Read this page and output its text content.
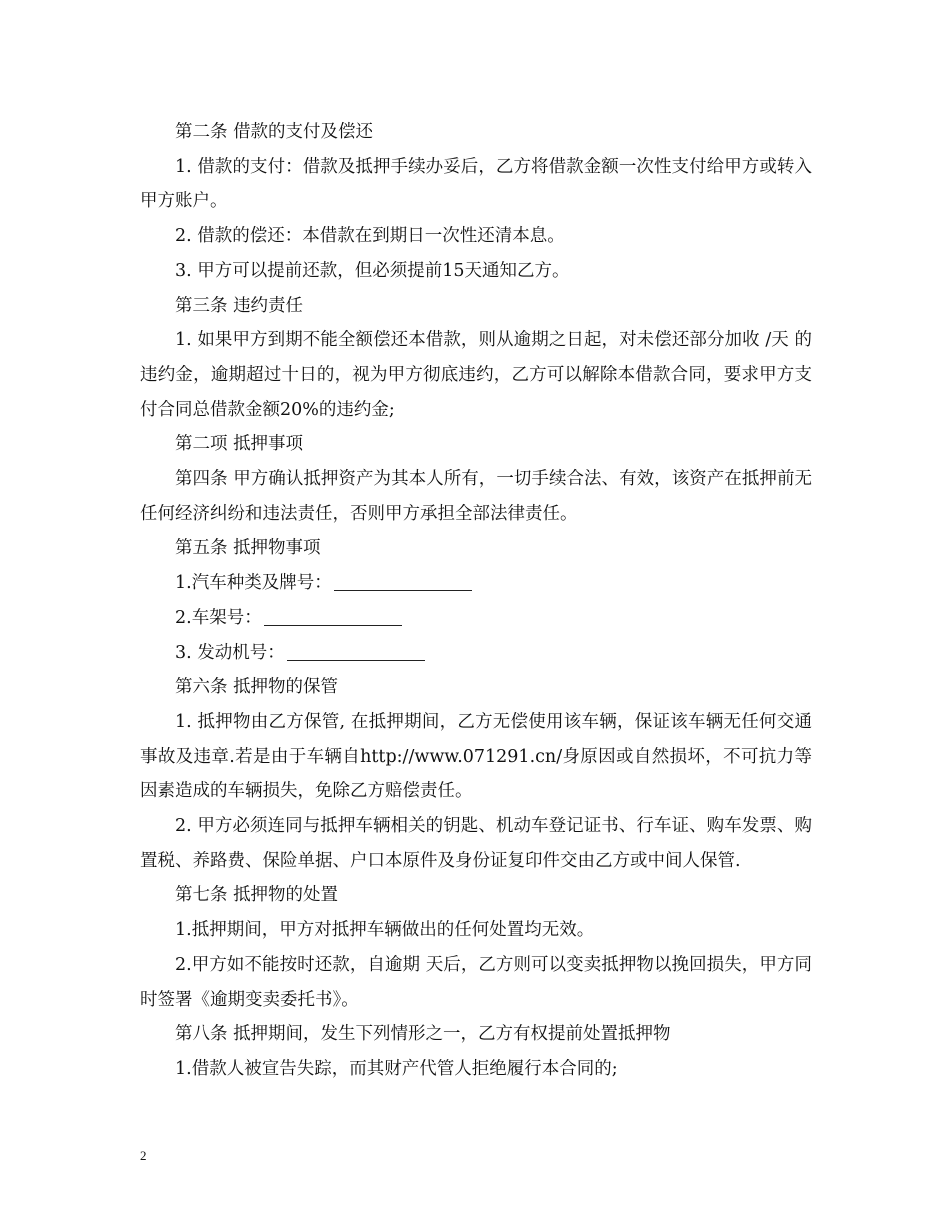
第二条 借款的支付及偿还

1. 借款的支付：借款及抵押手续办妥后，乙方将借款金额一次性支付给甲方或转入甲方账户。

2. 借款的偿还：本借款在到期日一次性还清本息。

3. 甲方可以提前还款，但必须提前15天通知乙方。

第三条 违约责任

1. 如果甲方到期不能全额偿还本借款，则从逾期之日起，对未偿还部分加收 /天 的违约金，逾期超过十日的，视为甲方彻底违约，乙方可以解除本借款合同，要求甲方支付合同总借款金额20%的违约金;

第二项 抵押事项

第四条 甲方确认抵押资产为其本人所有，一切手续合法、有效，该资产在抵押前无任何经济纠纷和违法责任，否则甲方承担全部法律责任。

第五条 抵押物事项

1.汽车种类及牌号：

2.车架号：

3. 发动机号：

第六条 抵押物的保管

1. 抵押物由乙方保管, 在抵押期间，乙方无偿使用该车辆，保证该车辆无任何交通事故及违章.若是由于车辆自http://www.071291.cn/身原因或自然损坏，不可抗力等因素造成的车辆损失，免除乙方赔偿责任。

2. 甲方必须连同与抵押车辆相关的钥匙、机动车登记证书、行车证、购车发票、购置税、养路费、保险单据、户口本原件及身份证复印件交由乙方或中间人保管.

第七条 抵押物的处置

1.抵押期间，甲方对抵押车辆做出的任何处置均无效。

2.甲方如不能按时还款，自逾期 天后，乙方则可以变卖抵押物以挽回损失，甲方同时签署《逾期变卖委托书》。

第八条 抵押期间，发生下列情形之一，乙方有权提前处置抵押物

1.借款人被宣告失踪，而其财产代管人拒绝履行本合同的;

2
